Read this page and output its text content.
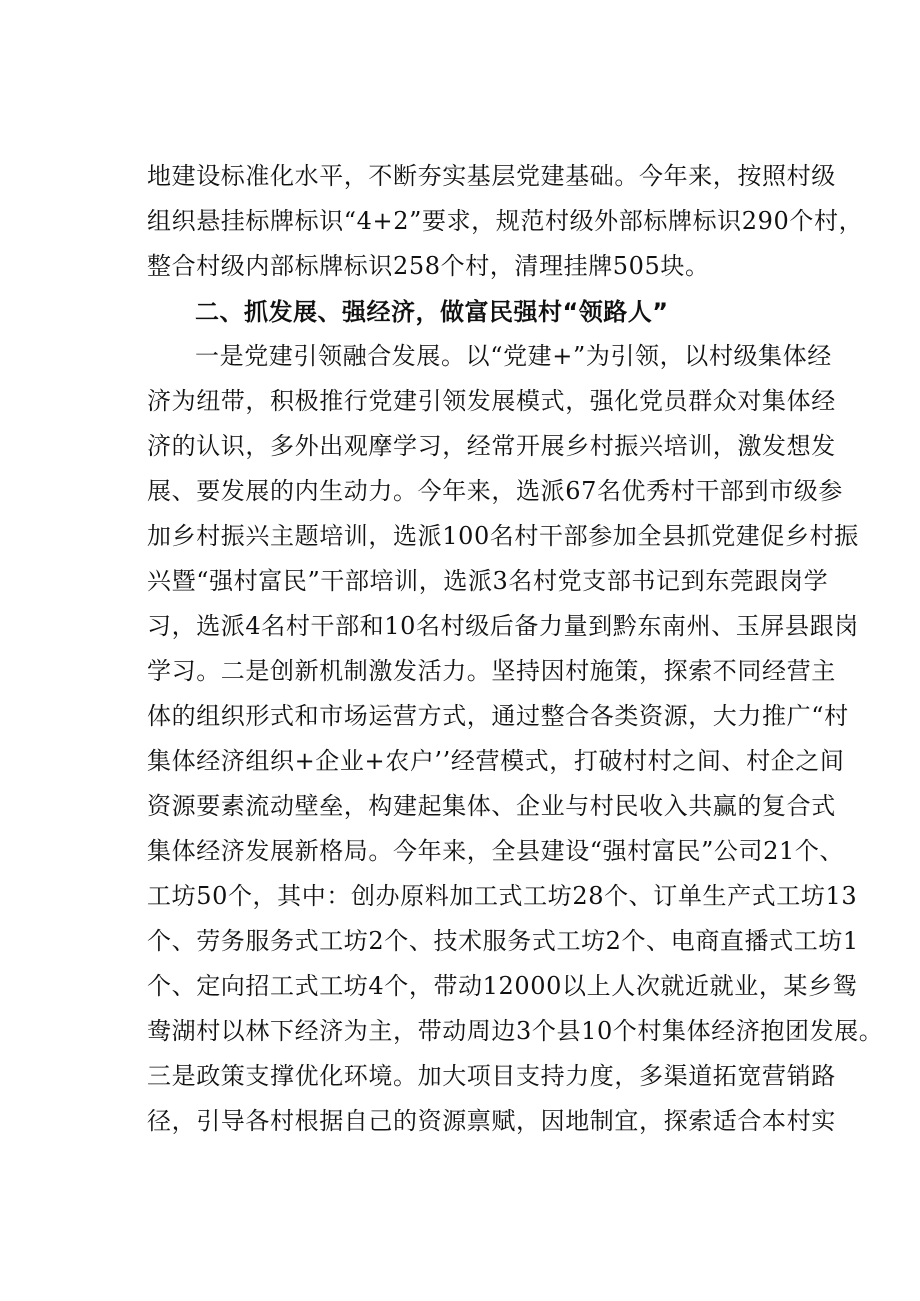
地建设标准化水平，不断夯实基层党建基础。今年来，按照村级
组织悬挂标牌标识“4+2”要求，规范村级外部标牌标识290个村，
整合村级内部标牌标识258个村，清理挂牌505块。
二、抓发展、强经济，做富民强村“领路人”
一是党建引领融合发展。以“党建+”为引领，以村级集体经
济为纽带，积极推行党建引领发展模式，强化党员群众对集体经
济的认识，多外出观摩学习，经常开展乡村振兴培训，激发想发
展、要发展的内生动力。今年来，选派67名优秀村干部到市级参
加乡村振兴主题培训，选派100名村干部参加全县抓党建促乡村振
兴暨“强村富民”干部培训，选派3名村党支部书记到东莞跟岗学
习，选派4名村干部和10名村级后备力量到黔东南州、玉屏县跟岗
学习。二是创新机制激发活力。坚持因村施策，探索不同经营主
体的组织形式和市场运营方式，通过整合各类资源，大力推广“村
集体经济组织+企业+农户’’经营模式，打破村村之间、村企之间
资源要素流动壁垒，构建起集体、企业与村民收入共赢的复合式
集体经济发展新格局。今年来，全县建设“强村富民”公司21个、
工坊50个，其中：创办原料加工式工坊28个、订单生产式工坊13
个、劳务服务式工坊2个、技术服务式工坊2个、电商直播式工坊1
个、定向招工式工坊4个，带动12000以上人次就近就业，某乡鸳
鸯湖村以林下经济为主，带动周边3个县10个村集体经济抱团发展。
三是政策支撑优化环境。加大项目支持力度，多渠道拓宽营销路
径，引导各村根据自己的资源禀赋，因地制宜，探索适合本村实
